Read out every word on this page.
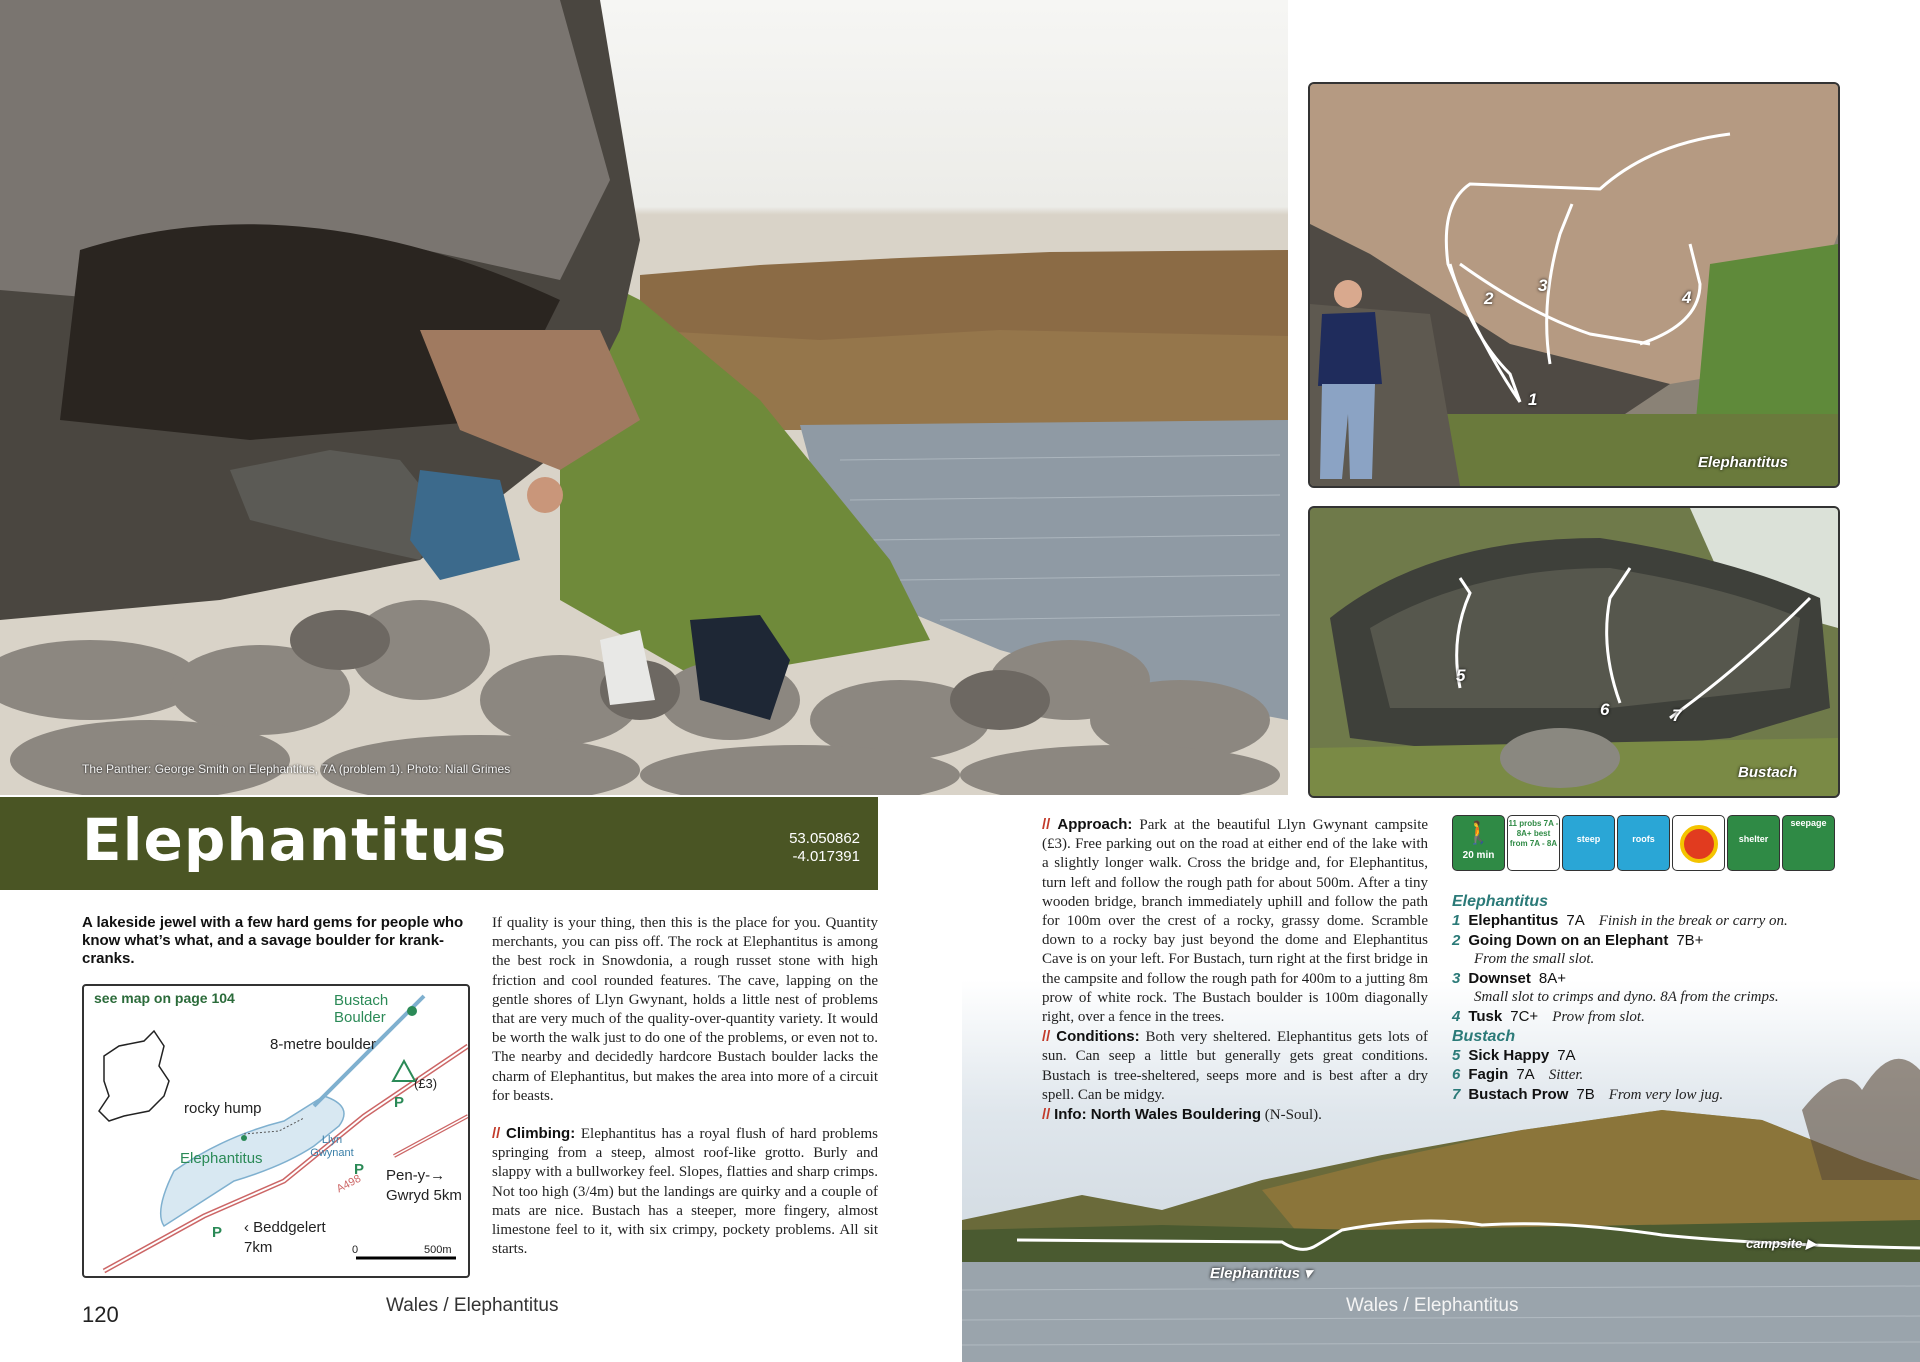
The Panther: George Smith on Elephantitus, 7A (problem 1). Photo: Niall Grimes
Elephantitus	53.050862
-4.017391
A lakeside jewel with a few hard gems for people who know what’s what, and a savage boulder for krank-cranks.
see map on page 104	Bustach Boulder
8-metre boulder
rocky hump
Elephantitus
Llyn Gwynant
(£3)
Pen-y-→ Gwryd 5km
‹ Beddgelert 7km
A498
0	500m
P
P
P
If quality is your thing, then this is the place for you. Quantity merchants, you can piss off. The rock at Elephantitus is among the best rock in Snowdonia, a rough russet stone with high friction and cool rounded features. The cave, lapping on the gentle shores of Llyn Gwynant, holds a little nest of problems that are very much of the quality-over-quantity variety. It would be worth the walk just to do one of the problems, or even not to. The nearby and decidedly hardcore Bustach boulder lacks the charm of Elephantitus, but makes the area into more of a circuit for beasts.
// Climbing: Elephantitus has a royal flush of hard problems springing from a steep, almost roof-like grotto. Burly and slappy with a bullworkey feel. Slopes, flatties and sharp crimps. Not too high (3/4m) but the landings are quirky and a couple of mats are nice. Bustach has a steeper, more fingery, almost limestone feel to it, with six crimpy, pockety problems. All sit starts.
120	Wales / Elephantitus
1
2
3
4
Elephantitus
5
6	7
Bustach
Elephantitus ▾
campsite ▶
Wales / Elephantitus
// Approach: Park at the beautiful Llyn Gwynant campsite (£3). Free parking out on the road at either end of the lake with a slightly longer walk. Cross the bridge and, for Elephantitus, turn left and follow the rough path for about 500m. After a tiny wooden bridge, branch immediately uphill and follow the path for 100m over the crest of a rocky, grassy dome. Scramble down to a rocky bay just beyond the dome and Elephantitus Cave is on your left. For Bustach, turn right at the first bridge in the campsite and follow the rough path for 400m to a jutting 8m prow of white rock. The Bustach boulder is 100m diagonally right, over a fence in the trees.
// Conditions: Both very sheltered. Elephantitus gets lots of sun. Can seep a little but generally gets great conditions. Bustach is tree-sheltered, seeps more and is best after a dry spell. Can be midgy.
// Info: North Wales Bouldering (N-Soul).
🚶
20 min
11 probs 7A - 8A+ best from 7A - 8A	steep	roofs	shelter
seepage
Elephantitus
1 Elephantitus 7A Finish in the break or carry on.
2 Going Down on an Elephant 7B+
From the small slot.
3 Downset 8A+
Small slot to crimps and dyno. 8A from the crimps.
4 Tusk 7C+ Prow from slot.
Bustach
5 Sick Happy 7A
6 Fagin 7A Sitter.
7 Bustach Prow 7B From very low jug.
